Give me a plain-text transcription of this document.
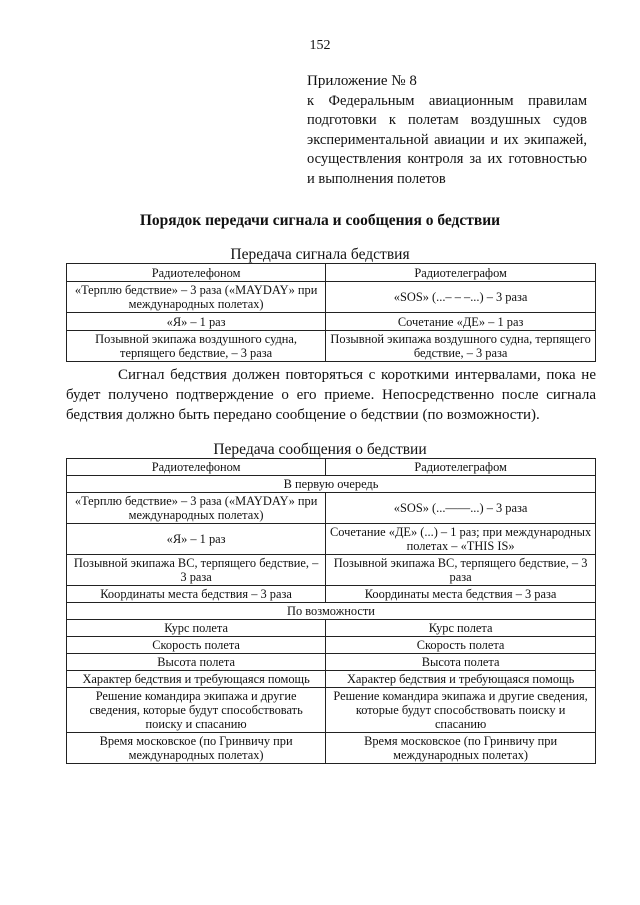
152
Приложение № 8
к Федеральным авиационным правилам
подготовки к полетам воздушных судов
экспериментальной авиации и их экипажей,
осуществления контроля за их готовностью
и выполнения полетов
Порядок передачи сигнала и сообщения о бедствии
Передача сигнала бедствия
Радиотелефоном	Радиотелеграфом
«Терплю бедствие» – 3 раза («MAYDAY» при международных полетах)	«SOS» (...– – –...) – 3 раза
«Я» – 1 раз	Сочетание «ДЕ» – 1 раз
Позывной экипажа воздушного судна, терпящего бедствие, – 3 раза	Позывной экипажа воздушного судна, терпящего бедствие, – 3 раза
Сигнал бедствия должен повторяться с короткими интервалами, пока не будет получено подтверждение о его приеме. Непосредственно после сигнала бедствия должно быть передано сообщение о бедствии (по возможности).
Передача сообщения о бедствии
Радиотелефоном	Радиотелеграфом
В первую очередь	
«Терплю бедствие» – 3 раза («MAYDAY» при международных полетах)	«SOS» (...——...) – 3 раза
«Я» – 1 раз	Сочетание «ДЕ» (...) – 1 раз; при международных полетах – «THIS IS»
Позывной экипажа ВС, терпящего бедствие, – 3 раза	Позывной экипажа ВС, терпящего бедствие, – 3 раза
Координаты места бедствия – 3 раза	Координаты места бедствия – 3 раза
По возможности	
Курс полета	Курс полета
Скорость полета	Скорость полета
Высота полета	Высота полета
Характер бедствия и требующаяся помощь	Характер бедствия и требующаяся помощь
Решение командира экипажа и другие сведения, которые будут способствовать поиску и спасанию	Решение командира экипажа и другие сведения, которые будут способствовать поиску и спасанию
Время московское (по Гринвичу при международных полетах)	Время московское (по Гринвичу при международных полетах)
